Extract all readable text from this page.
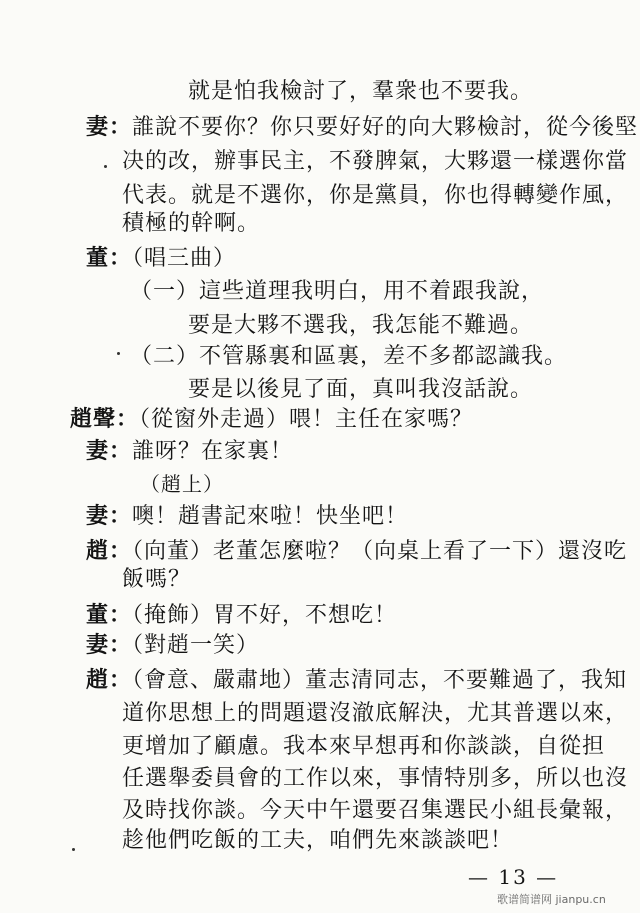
就是怕我檢討了，羣衆也不要我。
妻：誰說不要你？你只要好好的向大夥檢討，從今後堅
决的改，辦事民主，不發脾氣，大夥還一樣選你當
代表。就是不選你，你是黨員，你也得轉變作風，
積極的幹啊。
董：（唱三曲）
（一）這些道理我明白，用不着跟我說，
要是大夥不選我，我怎能不難過。
（二）不管縣裏和區裏，差不多都認識我。
要是以後見了面，真叫我沒話說。
趙聲：（從窗外走過）喂！主任在家嗎？
妻：誰呀？在家裏！
（趙上）
妻：噢！趙書記來啦！快坐吧！
趙：（向董）老董怎麼啦？（向桌上看了一下）還沒吃
飯嗎？
董：（掩飾）胃不好，不想吃！
妻：（對趙一笑）
趙：（會意、嚴肅地）董志清同志，不要難過了，我知
道你思想上的問題還沒澈底解決，尤其普選以來，
更增加了顧慮。我本來早想再和你談談，自從担
任選舉委員會的工作以來，事情特別多，所以也沒
及時找你談。今天中午還要召集選民小組長彙報，
趁他們吃飯的工夫，咱們先來談談吧！
— 13 —
歌谱简谱网 jianpu.cn
